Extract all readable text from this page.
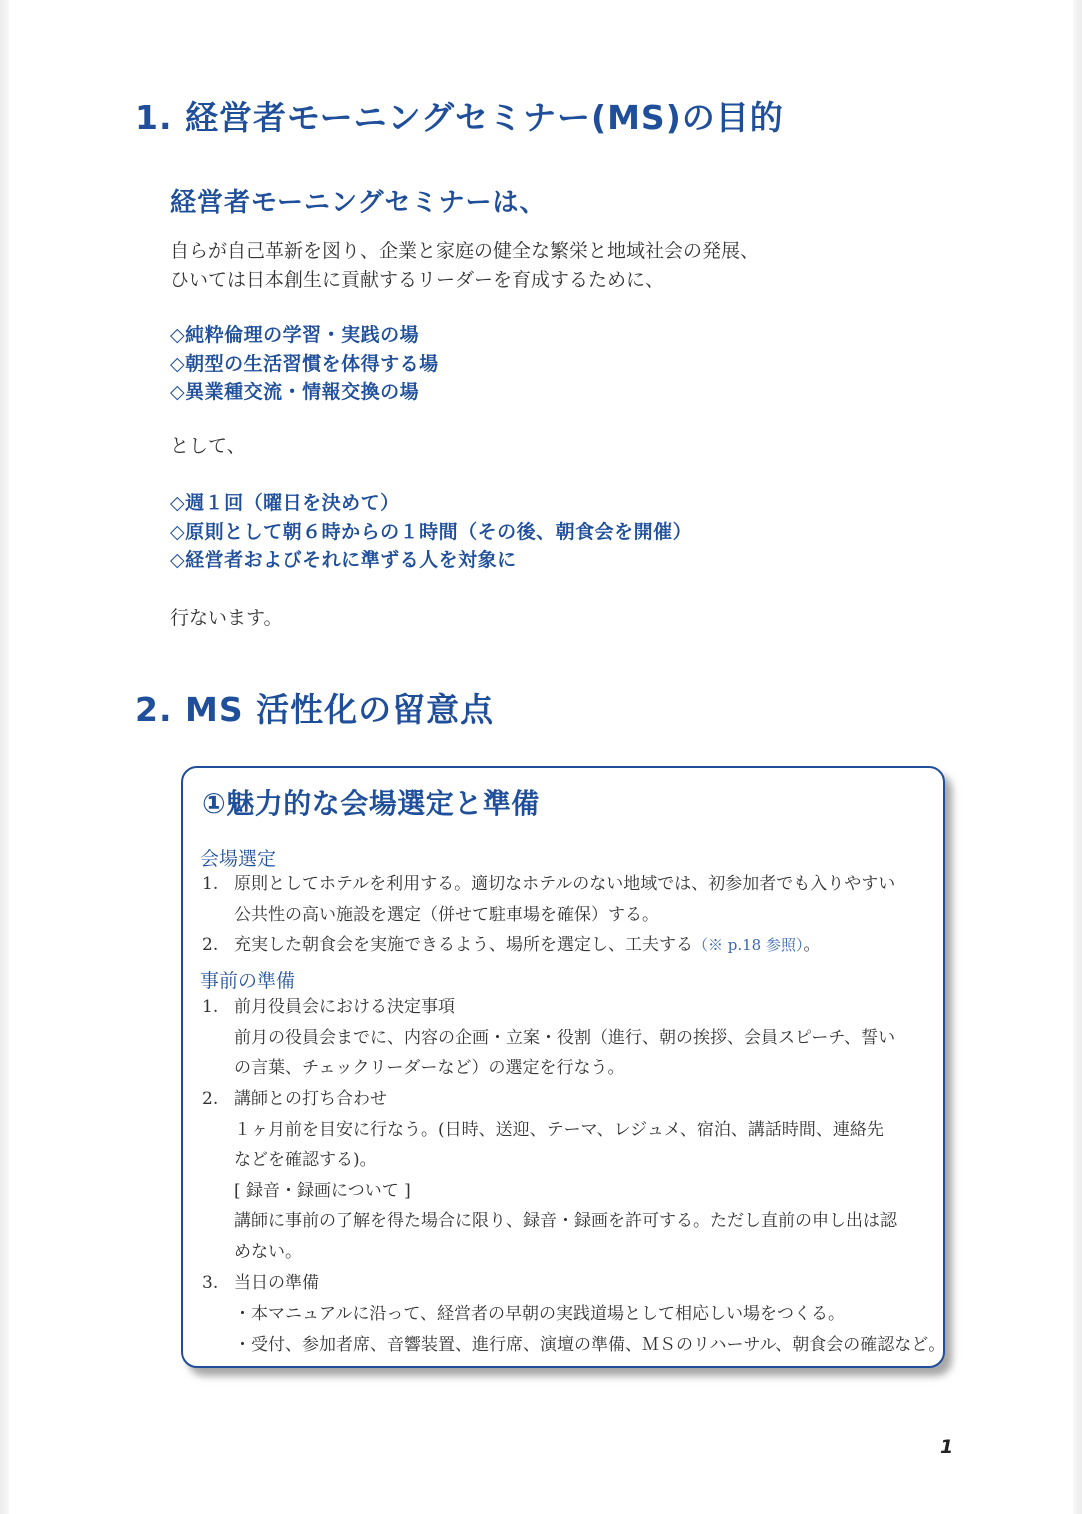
1. 経営者モーニングセミナー(MS)の目的
経営者モーニングセミナーは、
自らが自己革新を図り、企業と家庭の健全な繁栄と地域社会の発展、
ひいては日本創生に貢献するリーダーを育成するために、
◇純粋倫理の学習・実践の場
◇朝型の生活習慣を体得する場
◇異業種交流・情報交換の場
として、
◇週１回（曜日を決めて）
◇原則として朝６時からの１時間（その後、朝食会を開催）
◇経営者およびそれに準ずる人を対象に
行ないます。
2. MS 活性化の留意点
①魅力的な会場選定と準備
会場選定
1. 原則としてホテルを利用する。適切なホテルのない地域では、初参加者でも入りやすい
公共性の高い施設を選定（併せて駐車場を確保）する。
2. 充実した朝食会を実施できるよう、場所を選定し、工夫する（※ p.18 参照）。
事前の準備
1. 前月役員会における決定事項
前月の役員会までに、内容の企画・立案・役割（進行、朝の挨拶、会員スピーチ、誓い
の言葉、チェックリーダーなど）の選定を行なう。
2. 講師との打ち合わせ
１ヶ月前を目安に行なう。(日時、送迎、テーマ、レジュメ、宿泊、講話時間、連絡先
などを確認する)。
[ 録音・録画について ]
講師に事前の了解を得た場合に限り、録音・録画を許可する。ただし直前の申し出は認
めない。
3. 当日の準備
・本マニュアルに沿って、経営者の早朝の実践道場として相応しい場をつくる。
・受付、参加者席、音響装置、進行席、演壇の準備、ＭＳのリハーサル、朝食会の確認など。
1
